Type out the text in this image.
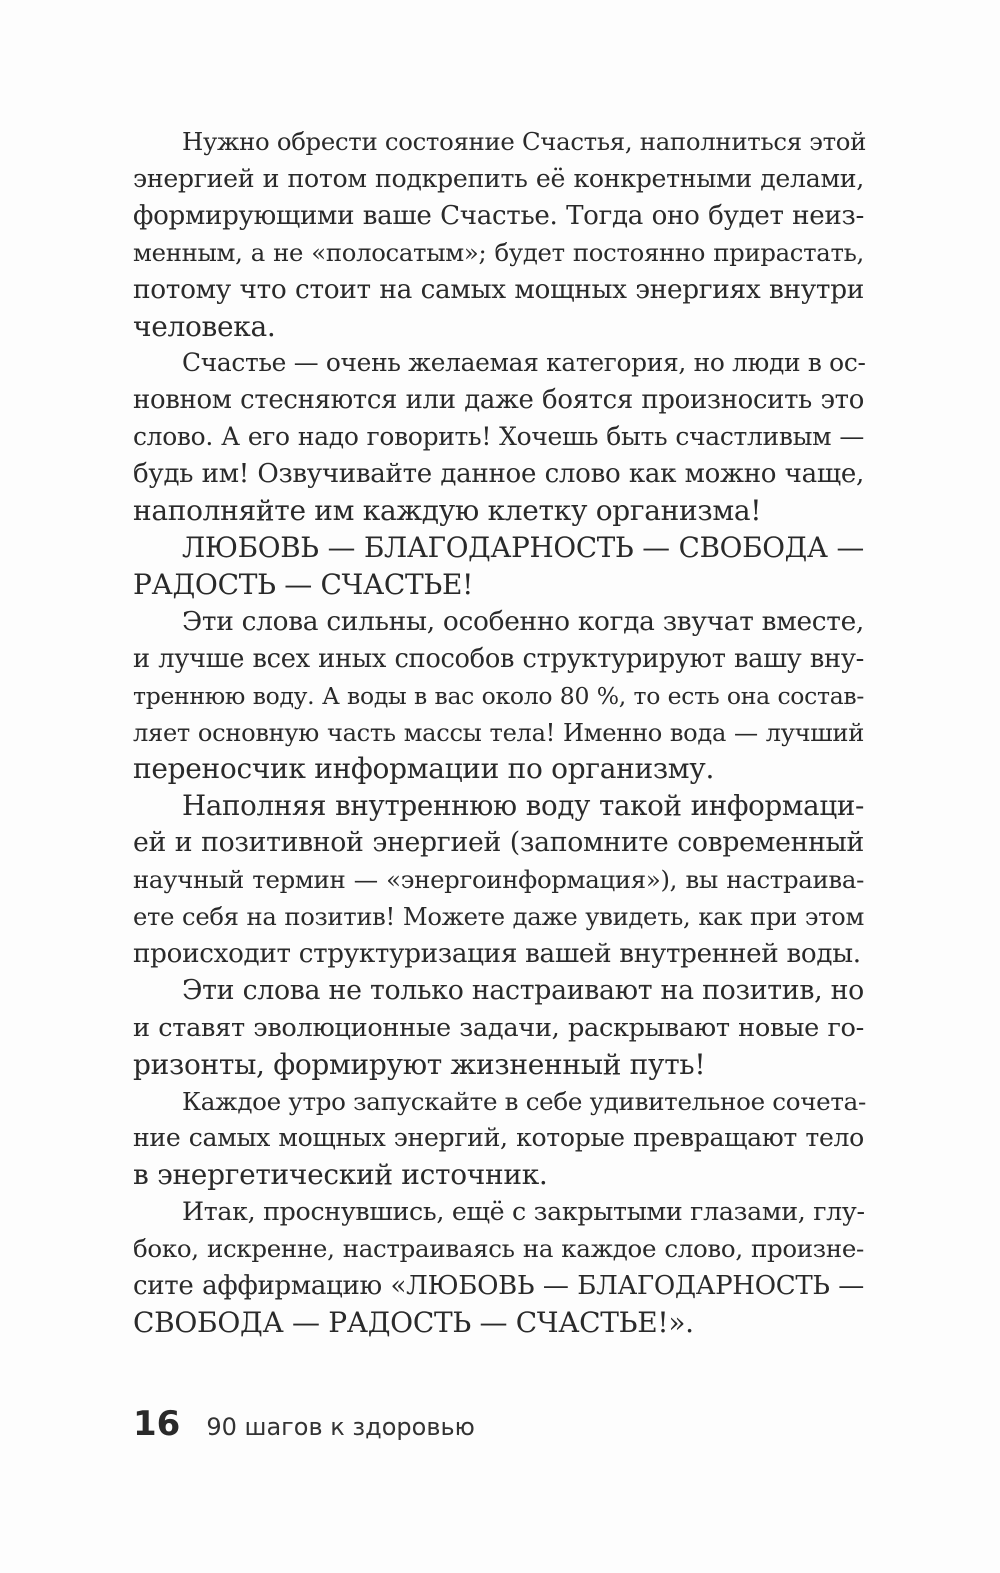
Нужно обрести состояние Счастья, наполниться этой
энергией и потом подкрепить её конкретными делами,
формирующими ваше Счастье. Тогда оно будет неиз-
менным, а не «полосатым»; будет постоянно прирастать,
потому что стоит на самых мощных энергиях внутри
человека.
Счастье — очень желаемая категория, но люди в ос-
новном стесняются или даже боятся произносить это
слово. А его надо говорить! Хочешь быть счастливым —
будь им! Озвучивайте данное слово как можно чаще,
наполняйте им каждую клетку организма!
ЛЮБОВЬ — БЛАГОДАРНОСТЬ — СВОБОДА —
РАДОСТЬ — СЧАСТЬЕ!
Эти слова сильны, особенно когда звучат вместе,
и лучше всех иных способов структурируют вашу вну-
треннюю воду. А воды в вас около 80 %, то есть она состав-
ляет основную часть массы тела! Именно вода — лучший
переносчик информации по организму.
Наполняя внутреннюю воду такой информаци-
ей и позитивной энергией (запомните современный
научный термин — «энергоинформация»), вы настраива-
ете себя на позитив! Можете даже увидеть, как при этом
происходит структуризация вашей внутренней воды.
Эти слова не только настраивают на позитив, но
и ставят эволюционные задачи, раскрывают новые го-
ризонты, формируют жизненный путь!
Каждое утро запускайте в себе удивительное сочета-
ние самых мощных энергий, которые превращают тело
в энергетический источник.
Итак, проснувшись, ещё с закрытыми глазами, глу-
боко, искренне, настраиваясь на каждое слово, произне-
сите аффирмацию «ЛЮБОВЬ — БЛАГОДАРНОСТЬ —
СВОБОДА — РАДОСТЬ — СЧАСТЬЕ!».
16 90 шагов к здоровью
